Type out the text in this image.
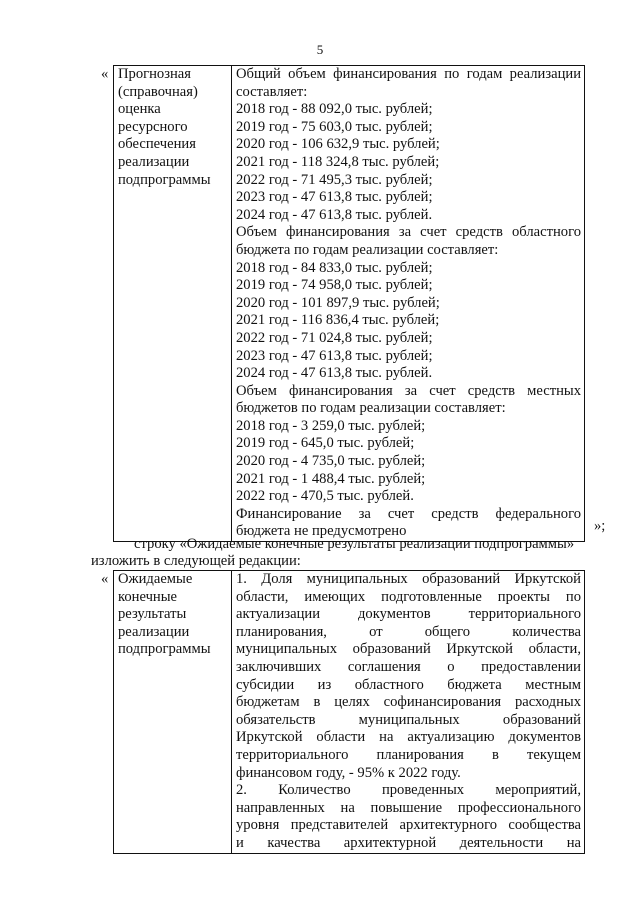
5
« Прогнозная
(справочная)
оценка
ресурсного
обеспечения
реализации
подпрограммы

Общий объем финансирования по годам реализации
составляет:
2018 год - 88 092,0 тыс. рублей;
2019 год - 75 603,0 тыс. рублей;
2020 год - 106 632,9 тыс. рублей;
2021 год - 118 324,8 тыс. рублей;
2022 год - 71 495,3 тыс. рублей;
2023 год - 47 613,8 тыс. рублей;
2024 год - 47 613,8 тыс. рублей.
Объем финансирования за счет средств областного
бюджета по годам реализации составляет:
2018 год - 84 833,0 тыс. рублей;
2019 год - 74 958,0 тыс. рублей;
2020 год - 101 897,9 тыс. рублей;
2021 год - 116 836,4 тыс. рублей;
2022 год - 71 024,8 тыс. рублей;
2023 год - 47 613,8 тыс. рублей;
2024 год - 47 613,8 тыс. рублей.
Объем финансирования за счет средств местных
бюджетов по годам реализации составляет:
2018 год - 3 259,0 тыс. рублей;
2019 год - 645,0 тыс. рублей;
2020 год - 4 735,0 тыс. рублей;
2021 год - 1 488,4 тыс. рублей;
2022 год - 470,5 тыс. рублей.
Финансирование за счет средств федерального
бюджета не предусмотрено	»;
строку «Ожидаемые конечные результаты реализации подпрограммы»
изложить в следующей редакции:
« Ожидаемые
конечные
результаты
реализации
подпрограммы

1. Доля муниципальных образований Иркутской
области, имеющих подготовленные проекты по
актуализации документов территориального
планирования, от общего количества
муниципальных образований Иркутской области,
заключивших соглашения о предоставлении
субсидии из областного бюджета местным
бюджетам в целях софинансирования расходных
обязательств муниципальных образований
Иркутской области на актуализацию документов
территориального планирования в текущем
финансовом году, - 95% к 2022 году.
2. Количество проведенных мероприятий,
направленных на повышение профессионального
уровня представителей архитектурного сообщества
и качества архитектурной деятельности на
